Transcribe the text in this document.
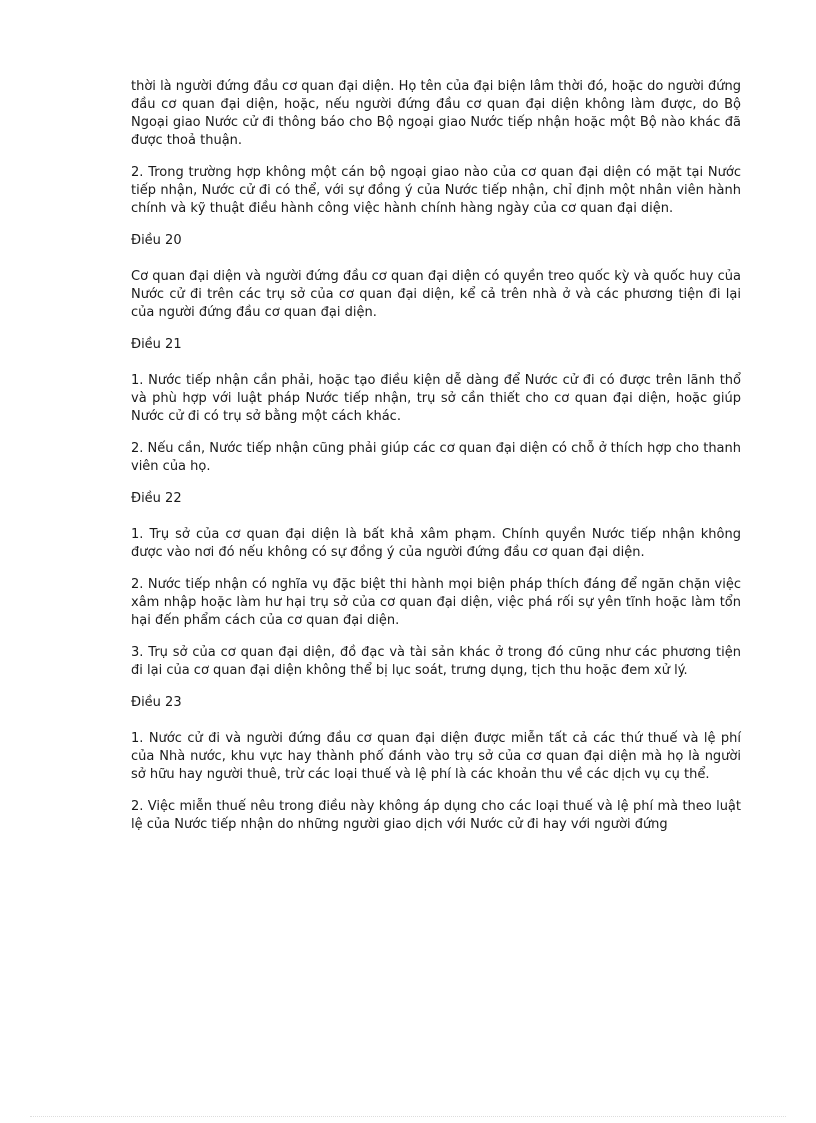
thời là người đứng đầu cơ quan đại diện. Họ tên của đại biện lâm thời đó, hoặc do người đứng đầu cơ quan đại diện, hoặc, nếu người đứng đầu cơ quan đại diện không làm được, do Bộ Ngoại giao Nước cử đi thông báo cho Bộ ngoại giao Nước tiếp nhận hoặc một Bộ nào khác đã được thoả thuận.

2. Trong trường hợp không một cán bộ ngoại giao nào của cơ quan đại diện có mặt tại Nước tiếp nhận, Nước cử đi có thể, với sự đồng ý của Nước tiếp nhận, chỉ định một nhân viên hành chính và kỹ thuật điều hành công việc hành chính hàng ngày của cơ quan đại diện.

Điều 20

Cơ quan đại diện và người đứng đầu cơ quan đại diện có quyền treo quốc kỳ và quốc huy của Nước cử đi trên các trụ sở của cơ quan đại diện, kể cả trên nhà ở và các phương tiện đi lại của người đứng đầu cơ quan đại diện.

Điều 21

1. Nước tiếp nhận cần phải, hoặc tạo điều kiện dễ dàng để Nước cử đi có được trên lãnh thổ và phù hợp với luật pháp Nước tiếp nhận, trụ sở cần thiết cho cơ quan đại diện, hoặc giúp Nước cử đi có trụ sở bằng một cách khác.

2. Nếu cần, Nước tiếp nhận cũng phải giúp các cơ quan đại diện có chỗ ở thích hợp cho thanh viên của họ.

Điều 22

1. Trụ sở của cơ quan đại diện là bất khả xâm phạm. Chính quyền Nước tiếp nhận không được vào nơi đó nếu không có sự đồng ý của người đứng đầu cơ quan đại diện.

2. Nước tiếp nhận có nghĩa vụ đặc biệt thi hành mọi biện pháp thích đáng để ngăn chặn việc xâm nhập hoặc làm hư hại trụ sở của cơ quan đại diện, việc phá rối sự yên tĩnh hoặc làm tổn hại đến phẩm cách của cơ quan đại diện.

3. Trụ sở của cơ quan đại diện, đồ đạc và tài sản khác ở trong đó cũng như các phương tiện đi lại của cơ quan đại diện không thể bị lục soát, trưng dụng, tịch thu hoặc đem xử lý.

Điều 23

1. Nước cử đi và người đứng đầu cơ quan đại diện được miễn tất cả các thứ thuế và lệ phí của Nhà nước, khu vực hay thành phố đánh vào trụ sở của cơ quan đại diện mà họ là người sở hữu hay người thuê, trừ các loại thuế và lệ phí là các khoản thu về các dịch vụ cụ thể.

2. Việc miễn thuế nêu trong điều này không áp dụng cho các loại thuế và lệ phí mà theo luật lệ của Nước tiếp nhận do những người giao dịch với Nước cử đi hay với người đứng
